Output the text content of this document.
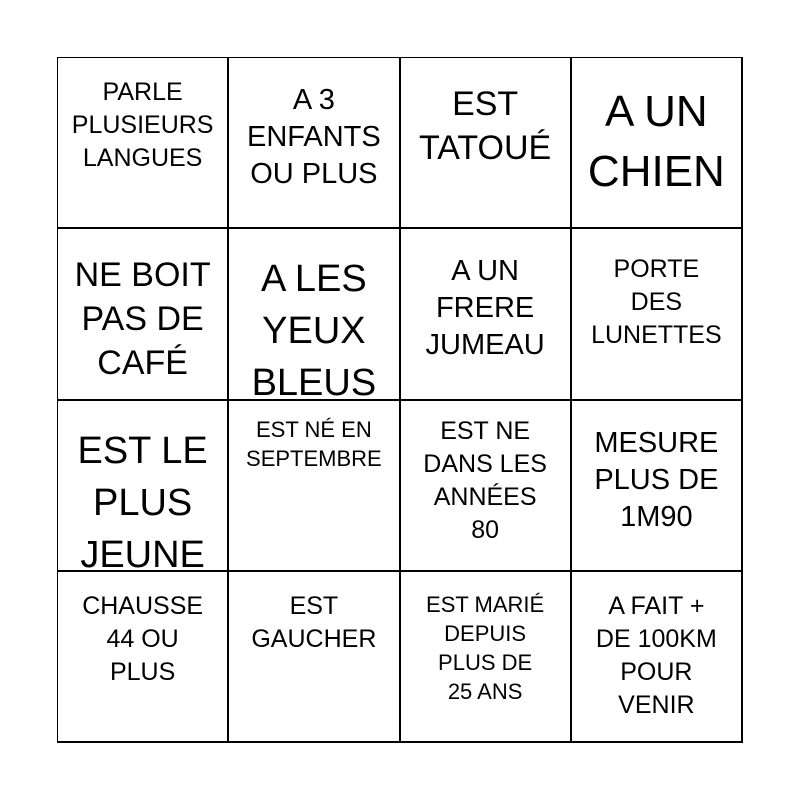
PARLE
PLUSIEURS
LANGUES
A 3
ENFANTS
OU PLUS
EST
TATOUÉ
A UN
CHIEN
NE BOIT
PAS DE
CAFÉ
A LES
YEUX
BLEUS
A UN
FRERE
JUMEAU
PORTE
DES
LUNETTES
EST LE
PLUS
JEUNE
EST NÉ EN
SEPTEMBRE
EST NE
DANS LES
ANNÉES
80
MESURE
PLUS DE
1M90
CHAUSSE
44 OU
PLUS
EST
GAUCHER
EST MARIÉ
DEPUIS
PLUS DE
25 ANS
A FAIT +
DE 100KM
POUR
VENIR
